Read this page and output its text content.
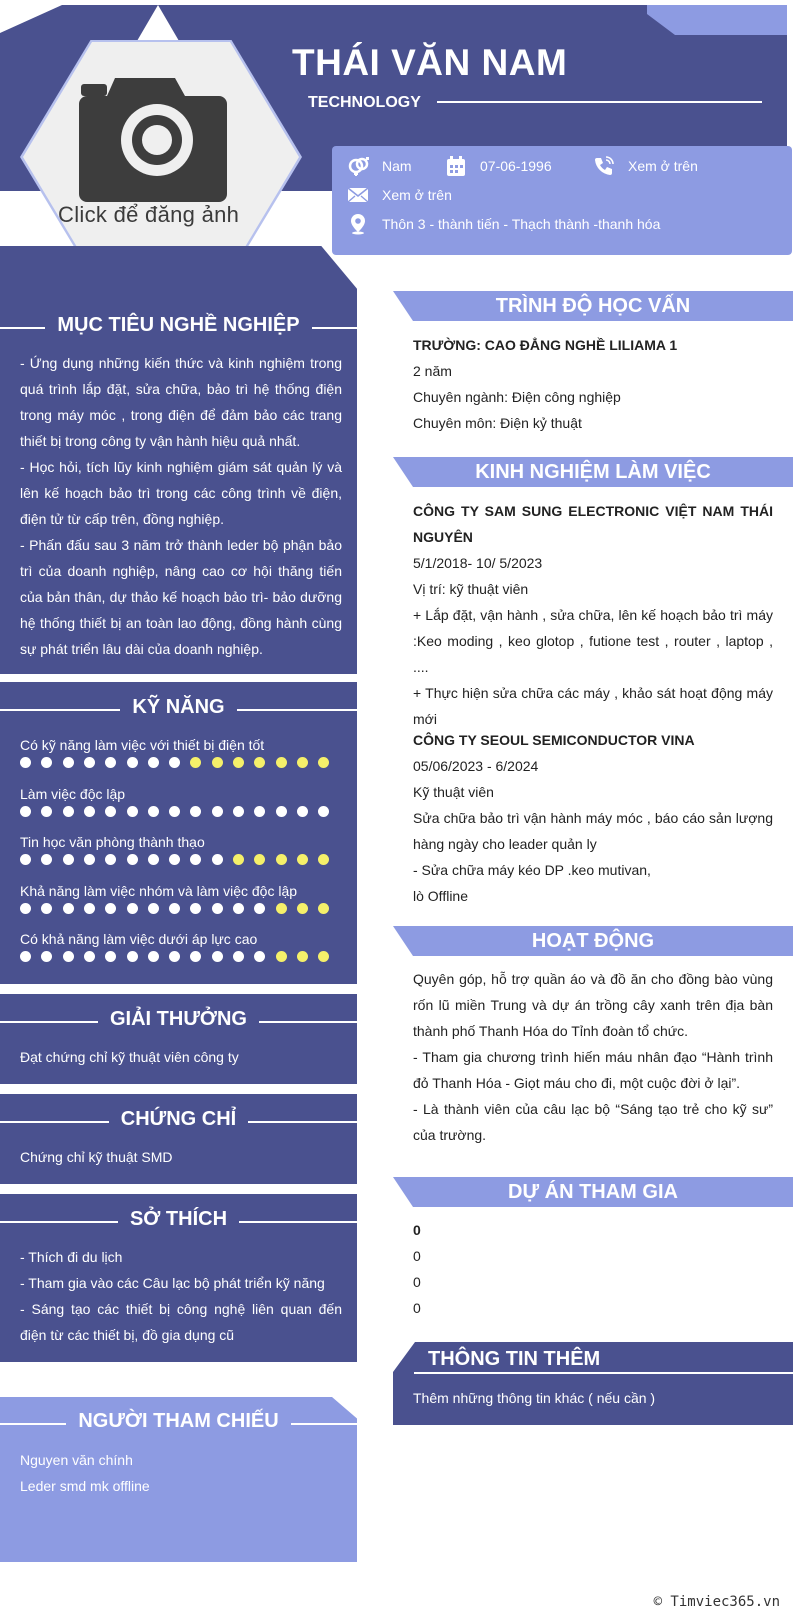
Click để đăng ảnh
THÁI VĂN NAM
TECHNOLOGY
Nam	07-06-1996	Xem ở trên
Xem ở trên
Thôn 3 - thành tiến - Thạch thành -thanh hóa
MỤC TIÊU NGHỀ NGHIỆP
- Ứng dụng những kiến thức và kinh nghiệm trong quá trình lắp đặt, sửa chữa, bảo trì hệ thống điện trong máy móc , trong điện để đảm bảo các trang thiết bị trong công ty vận hành hiệu quả nhất.
- Học hỏi, tích lũy kinh nghiệm giám sát quản lý và lên kế hoạch bảo trì trong các công trình về điện, điện tử từ cấp trên, đồng nghiệp.
- Phấn đấu sau 3 năm trở thành leder bộ phận bảo trì của doanh nghiệp, nâng cao cơ hội thăng tiến của bản thân, dự thảo kế hoạch bảo trì- bảo dưỡng hệ thống thiết bị an toàn lao động, đồng hành cùng sự phát triển lâu dài của doanh nghiệp.
KỸ NĂNG
Có kỹ năng làm việc với thiết bị điện tốt
Làm việc độc lập
Tin học văn phòng thành thạo
Khả năng làm việc nhóm và làm việc độc lập
Có khả năng làm việc dưới áp lực cao
GIẢI THƯỞNG
Đạt chứng chỉ kỹ thuật viên công ty
CHỨNG CHỈ
Chứng chỉ kỹ thuật SMD
SỞ THÍCH
- Thích đi du lịch
- Tham gia vào các Câu lạc bộ phát triển kỹ năng
- Sáng tạo các thiết bị công nghệ liên quan đến điện từ các thiết bị, đồ gia dụng cũ
NGƯỜI THAM CHIẾU
Nguyen văn chính
Leder smd mk offline
TRÌNH ĐỘ HỌC VẤN
TRƯỜNG: CAO ĐẲNG NGHỀ LILIAMA 1
2 năm
Chuyên ngành: Điện công nghiệp
Chuyên môn: Điện kỷ thuật
KINH NGHIỆM LÀM VIỆC
CÔNG TY SAM SUNG ELECTRONIC VIỆT NAM THÁI NGUYÊN
5/1/2018- 10/ 5/2023
Vị trí: kỹ thuật viên
+ Lắp đặt, vận hành , sửa chữa, lên kế hoạch bảo trì máy :Keo moding , keo glotop , futione test , router , laptop , ....
+ Thực hiện sửa chữa các máy , khảo sát hoạt động máy mới
CÔNG TY SEOUL SEMICONDUCTOR VINA
05/06/2023 - 6/2024
Kỹ thuật viên
Sửa chữa bảo trì vận hành máy móc , báo cáo sản lượng hàng ngày cho leader quản ly
- Sửa chữa máy kéo DP .keo mutivan,
lò Offline
HOẠT ĐỘNG
Quyên góp, hỗ trợ quần áo và đồ ăn cho đồng bào vùng rốn lũ miền Trung và dự án trồng cây xanh trên địa bàn thành phố Thanh Hóa do Tỉnh đoàn tổ chức.
- Tham gia chương trình hiến máu nhân đạo “Hành trình đỏ Thanh Hóa - Giọt máu cho đi, một cuộc đời ở lại”.
- Là thành viên của câu lạc bộ “Sáng tạo trẻ cho kỹ sư” của trường.
DỰ ÁN THAM GIA
0
0
0
0
THÔNG TIN THÊM
Thêm những thông tin khác ( nếu cần )
© Timviec365.vn
